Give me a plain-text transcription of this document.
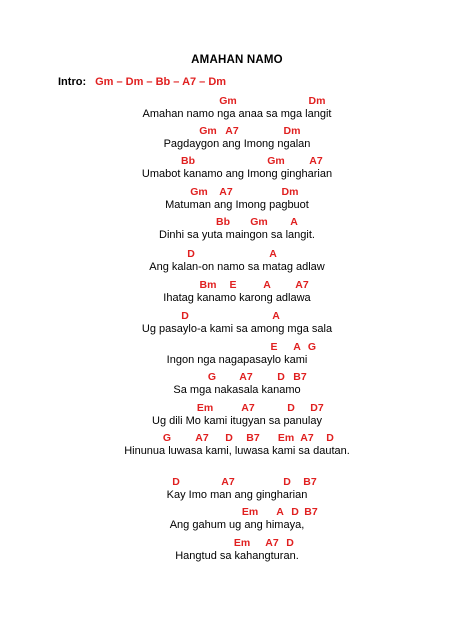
AMAHAN NAMO
Intro: Gm – Dm – Bb – A7 – Dm
Gm	Dm
Amahan namo nga anaa sa mga langit
Gm A7	Dm
Pagdaygon ang Imong ngalan
Bb	Gm A7
Umabot kanamo ang Imong gingharian
Gm A7	Dm
Matuman ang Imong pagbuot
Bb Gm A
Dinhi sa yuta maingon sa langit.
D	A
Ang kalan-on namo sa matag adlaw
Bm E	A A7
Ihatag kanamo karong adlawa
D	A
Ug pasaylo-a kami sa among mga sala
E A G
Ingon nga nagapasaylo kami
G A7 D B7
Sa mga nakasala kanamo
Em	A7	D D7
Ug dili Mo kami itugyan sa panulay
G A7 D B7 Em A7 D
Hinunua luwasa kami, luwasa kami sa dautan.
D	A7	D B7
Kay Imo man ang gingharian
Em A D B7
Ang gahum ug ang himaya,
Em A7 D
Hangtud sa kahangturan.
